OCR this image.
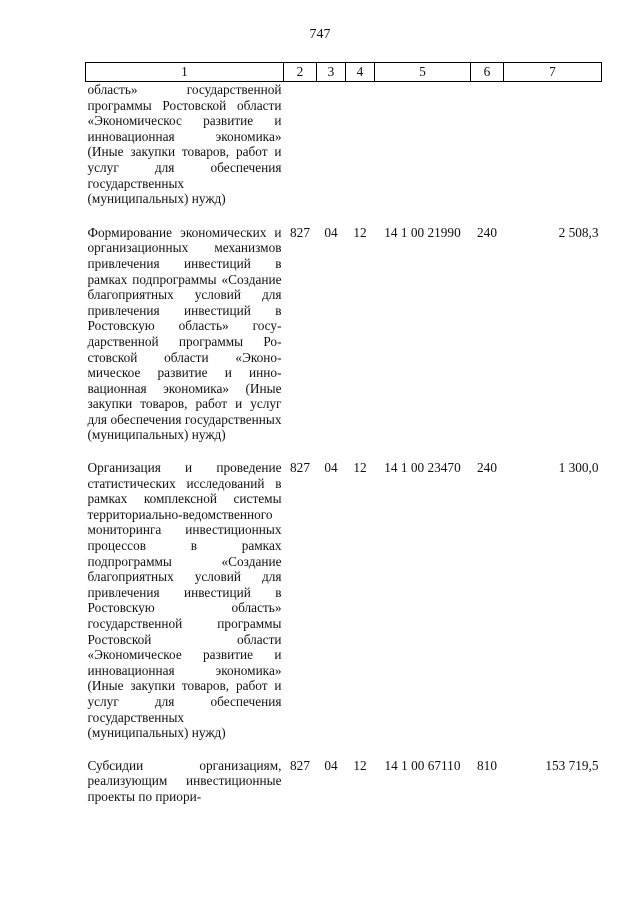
747
1	2	3	4	5	6	7
область» государственной программы Ростовской области «Экономическос развитие и инновационная экономика» (Иные закупки товаров, работ и услуг для обеспечения государственных (муниципальных) нужд)						
Формирование экономических и организационных механизмов привлечения инвестиций в рамках подпрограммы «Создание благоприятных условий для привлечения инвестиций в Ростовскую область» государственной программы Ростовской области «Экономическое развитие и инновационная экономика» (Иные закупки товаров, работ и услуг для обеспечения государственных (муниципальных) нужд)	827	04	12	14 1 00 21990	240	2 508,3
Организация и проведение статистических исследований в рамках комплексной системы территориально-ведомственного мониторинга инвестиционных процессов в рамках подпрограммы «Создание благоприятных условий для привлечения инвестиций в Ростовскую область» государственной программы Ростовской области «Экономическое развитие и инновационная экономика» (Иные закупки товаров, работ и услуг для обеспечения государственных (муниципальных) нужд)	827	04	12	14 1 00 23470	240	1 300,0
Субсидии организациям, реализующим инвестиционные проекты по приори-	827	04	12	14 1 00 67110	810	153 719,5
